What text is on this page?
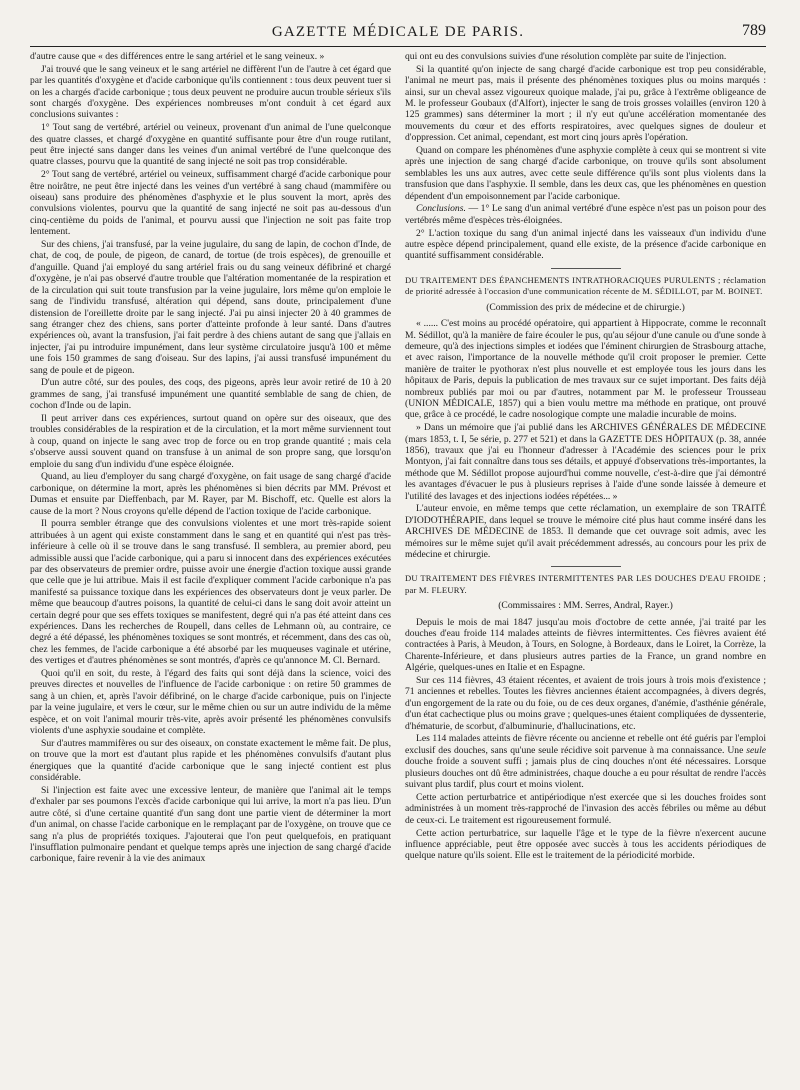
GAZETTE MÉDICALE DE PARIS.	789

d'autre cause que « des différences entre le sang artériel et le sang veineux. »

J'ai trouvé que le sang veineux et le sang artériel ne diffèrent l'un de l'autre à cet égard que par les quantités d'oxygène et d'acide carbonique qu'ils contiennent : tous deux peuvent tuer si on les a chargés d'acide carbonique ; tous deux peuvent ne produire aucun trouble sérieux s'ils sont chargés d'oxygène. Des expériences nombreuses m'ont conduit à cet égard aux conclusions suivantes :

1° Tout sang de vertébré, artériel ou veineux, provenant d'un animal de l'une quelconque des quatre classes, et chargé d'oxygène en quantité suffisante pour être d'un rouge rutilant, peut être injecté sans danger dans les veines d'un animal vertébré de l'une quelconque des quatre classes, pourvu que la quantité de sang injecté ne soit pas trop considérable.

2° Tout sang de vertébré, artériel ou veineux, suffisamment chargé d'acide carbonique pour être noirâtre, ne peut être injecté dans les veines d'un vertébré à sang chaud (mammifère ou oiseau) sans produire des phénomènes d'asphyxie et le plus souvent la mort, après des convulsions violentes, pourvu que la quantité de sang injecté ne soit pas au-dessous d'un cinq-centième du poids de l'animal, et pourvu aussi que l'injection ne soit pas faite trop lentement.

Sur des chiens, j'ai transfusé, par la veine jugulaire, du sang de lapin, de cochon d'Inde, de chat, de coq, de poule, de pigeon, de canard, de tortue (de trois espèces), de grenouille et d'anguille. Quand j'ai employé du sang artériel frais ou du sang veineux défibriné et chargé d'oxygène, je n'ai pas observé d'autre trouble que l'altération momentanée de la respiration et de la circulation qui suit toute transfusion par la veine jugulaire, lors même qu'on emploie le sang de l'individu transfusé, altération qui dépend, sans doute, principalement d'une distension de l'oreillette droite par le sang injecté. J'ai pu ainsi injecter 20 à 40 grammes de sang étranger chez des chiens, sans porter d'atteinte profonde à leur santé. Dans d'autres expériences où, avant la transfusion, j'ai fait perdre à des chiens autant de sang que j'allais en injecter, j'ai pu introduire impunément, dans leur système circulatoire jusqu'à 100 et même une fois 150 grammes de sang d'oiseau. Sur des lapins, j'ai aussi transfusé impunément du sang de poule et de pigeon.

D'un autre côté, sur des poules, des coqs, des pigeons, après leur avoir retiré de 10 à 20 grammes de sang, j'ai transfusé impunément une quantité semblable de sang de chien, de cochon d'Inde ou de lapin.

Il peut arriver dans ces expériences, surtout quand on opère sur des oiseaux, que des troubles considérables de la respiration et de la circulation, et la mort même surviennent tout à coup, quand on injecte le sang avec trop de force ou en trop grande quantité ; mais cela s'observe aussi souvent quand on transfuse à un animal de son propre sang, que lorsqu'on emploie du sang d'un individu d'une espèce éloignée.

Quand, au lieu d'employer du sang chargé d'oxygène, on fait usage de sang chargé d'acide carbonique, on détermine la mort, après les phénomènes si bien décrits par MM. Prévost et Dumas et ensuite par Dieffenbach, par M. Rayer, par M. Bischoff, etc. Quelle est alors la cause de la mort ? Nous croyons qu'elle dépend de l'action toxique de l'acide carbonique.

Il pourra sembler étrange que des convulsions violentes et une mort très-rapide soient attribuées à un agent qui existe constamment dans le sang et en quantité qui n'est pas très-inférieure à celle où il se trouve dans le sang transfusé. Il semblera, au premier abord, peu admissible aussi que l'acide carbonique, qui a paru si innocent dans des expériences exécutées par des observateurs de premier ordre, puisse avoir une énergie d'action toxique aussi grande que celle que je lui attribue. Mais il est facile d'expliquer comment l'acide carbonique n'a pas manifesté sa puissance toxique dans les expériences des observateurs dont je veux parler. De même que beaucoup d'autres poisons, la quantité de celui-ci dans le sang doit avoir atteint un certain degré pour que ses effets toxiques se manifestent, degré qui n'a pas été atteint dans ces expériences. Dans les recherches de Roupell, dans celles de Lehmann où, au contraire, ce degré a été dépassé, les phénomènes toxiques se sont montrés, et récemment, dans des cas où, chez les femmes, de l'acide carbonique a été absorbé par les muqueuses vaginale et utérine, des vertiges et d'autres phénomènes se sont montrés, d'après ce qu'annonce M. Cl. Bernard.

Quoi qu'il en soit, du reste, à l'égard des faits qui sont déjà dans la science, voici des preuves directes et nouvelles de l'influence de l'acide carbonique : on retire 50 grammes de sang à un chien, et, après l'avoir défibriné, on le charge d'acide carbonique, puis on l'injecte par la veine jugulaire, et vers le cœur, sur le même chien ou sur un autre individu de la même espèce, et on voit l'animal mourir très-vite, après avoir présenté les phénomènes convulsifs violents d'une asphyxie soudaine et complète.

Sur d'autres mammifères ou sur des oiseaux, on constate exactement le même fait. De plus, on trouve que la mort est d'autant plus rapide et les phénomènes convulsifs d'autant plus énergiques que la quantité d'acide carbonique que le sang injecté contient est plus considérable.

Si l'injection est faite avec une excessive lenteur, de manière que l'animal ait le temps d'exhaler par ses poumons l'excès d'acide carbonique qui lui arrive, la mort n'a pas lieu. D'un autre côté, si d'une certaine quantité d'un sang dont une partie vient de déterminer la mort d'un animal, on chasse l'acide carbonique en le remplaçant par de l'oxygène, on trouve que ce sang n'a plus de propriétés toxiques. J'ajouterai que l'on peut quelquefois, en pratiquant l'insufflation pulmonaire pendant et quelque temps après une injection de sang chargé d'acide carbonique, faire revenir à la vie des animaux

qui ont eu des convulsions suivies d'une résolution complète par suite de l'injection.

Si la quantité qu'on injecte de sang chargé d'acide carbonique est trop peu considérable, l'animal ne meurt pas, mais il présente des phénomènes toxiques plus ou moins marqués : ainsi, sur un cheval assez vigoureux quoique malade, j'ai pu, grâce à l'extrême obligeance de M. le professeur Goubaux (d'Alfort), injecter le sang de trois grosses volailles (environ 120 à 125 grammes) sans déterminer la mort ; il n'y eut qu'une accélération momentanée des mouvements du cœur et des efforts respiratoires, avec quelques signes de douleur et d'oppression. Cet animal, cependant, est mort cinq jours après l'opération.

Quand on compare les phénomènes d'une asphyxie complète à ceux qui se montrent si vite après une injection de sang chargé d'acide carbonique, on trouve qu'ils sont absolument semblables les uns aux autres, avec cette seule différence qu'ils sont plus violents dans la transfusion que dans l'asphyxie. Il semble, dans les deux cas, que les phénomènes en question dépendent d'un empoisonnement par l'acide carbonique.

Conclusions. — 1° Le sang d'un animal vertébré d'une espèce n'est pas un poison pour des vertébrés même d'espèces très-éloignées.

2° L'action toxique du sang d'un animal injecté dans les vaisseaux d'un individu d'une autre espèce dépend principalement, quand elle existe, de la présence d'acide carbonique en quantité suffisamment considérable.

DU TRAITEMENT DES ÉPANCHEMENTS INTRATHORACIQUES PURULENTS ; réclamation de priorité adressée à l'occasion d'une communication récente de M. SÉDILLOT, par M. BOINET.

(Commission des prix de médecine et de chirurgie.)

« ...... C'est moins au procédé opératoire, qui appartient à Hippocrate, comme le reconnaît M. Sédillot, qu'à la manière de faire écouler le pus, qu'au séjour d'une canule ou d'une sonde à demeure, qu'à des injections simples et iodées que l'éminent chirurgien de Strasbourg attache, et avec raison, l'importance de la nouvelle méthode qu'il croit proposer le premier. Cette manière de traiter le pyothorax n'est plus nouvelle et est employée tous les jours dans les hôpitaux de Paris, depuis la publication de mes travaux sur ce sujet important. Des faits déjà nombreux publiés par moi ou par d'autres, notamment par M. le professeur Trousseau (UNION MÉDICALE, 1857) qui a bien voulu mettre ma méthode en pratique, ont prouvé que, grâce à ce procédé, le cadre nosologique compte une maladie incurable de moins.

» Dans un mémoire que j'ai publié dans les ARCHIVES GÉNÉRALES DE MÉDECINE (mars 1853, t. I, 5e série, p. 277 et 521) et dans la GAZETTE DES HÔPITAUX (p. 38, année 1856), travaux que j'ai eu l'honneur d'adresser à l'Académie des sciences pour le prix Montyon, j'ai fait connaître dans tous ses détails, et appuyé d'observations très-importantes, la méthode que M. Sédillot propose aujourd'hui comme nouvelle, c'est-à-dire que j'ai démontré les avantages d'évacuer le pus à plusieurs reprises à l'aide d'une sonde laissée à demeure et l'utilité des lavages et des injections iodées répétées... »

L'auteur envoie, en même temps que cette réclamation, un exemplaire de son TRAITÉ D'IODOTHÉRAPIE, dans lequel se trouve le mémoire cité plus haut comme inséré dans les ARCHIVES DE MÉDECINE de 1853. Il demande que cet ouvrage soit admis, avec les mémoires sur le même sujet qu'il avait précédemment adressés, au concours pour les prix de médecine et chirurgie.

DU TRAITEMENT DES FIÈVRES INTERMITTENTES PAR LES DOUCHES D'EAU FROIDE ; par M. FLEURY.

(Commissaires : MM. Serres, Andral, Rayer.)

Depuis le mois de mai 1847 jusqu'au mois d'octobre de cette année, j'ai traité par les douches d'eau froide 114 malades atteints de fièvres intermittentes. Ces fièvres avaient été contractées à Paris, à Meudon, à Tours, en Sologne, à Bordeaux, dans le Loiret, la Corrèze, la Charente-Inférieure, et dans plusieurs autres parties de la France, un grand nombre en Algérie, quelques-unes en Italie et en Espagne.

Sur ces 114 fièvres, 43 étaient récentes, et avaient de trois jours à trois mois d'existence ; 71 anciennes et rebelles. Toutes les fièvres anciennes étaient accompagnées, à divers degrés, d'un engorgement de la rate ou du foie, ou de ces deux organes, d'anémie, d'asthénie générale, d'un état cachectique plus ou moins grave ; quelques-unes étaient compliquées de dyssenterie, d'hématurie, de scorbut, d'albuminurie, d'hallucinations, etc.

Les 114 malades atteints de fièvre récente ou ancienne et rebelle ont été guéris par l'emploi exclusif des douches, sans qu'une seule récidive soit parvenue à ma connaissance. Une seule douche froide a souvent suffi ; jamais plus de cinq douches n'ont été nécessaires. Lorsque plusieurs douches ont dû être administrées, chaque douche a eu pour résultat de rendre l'accès suivant plus tardif, plus court et moins violent.

Cette action perturbatrice et antipériodique n'est exercée que si les douches froides sont administrées à un moment très-rapproché de l'invasion des accès fébriles ou même au début de ceux-ci. Le traitement est rigoureusement formulé.

Cette action perturbatrice, sur laquelle l'âge et le type de la fièvre n'exercent aucune influence appréciable, peut être opposée avec succès à tous les accidents périodiques de quelque nature qu'ils soient. Elle est le traitement de la périodicité morbide.
